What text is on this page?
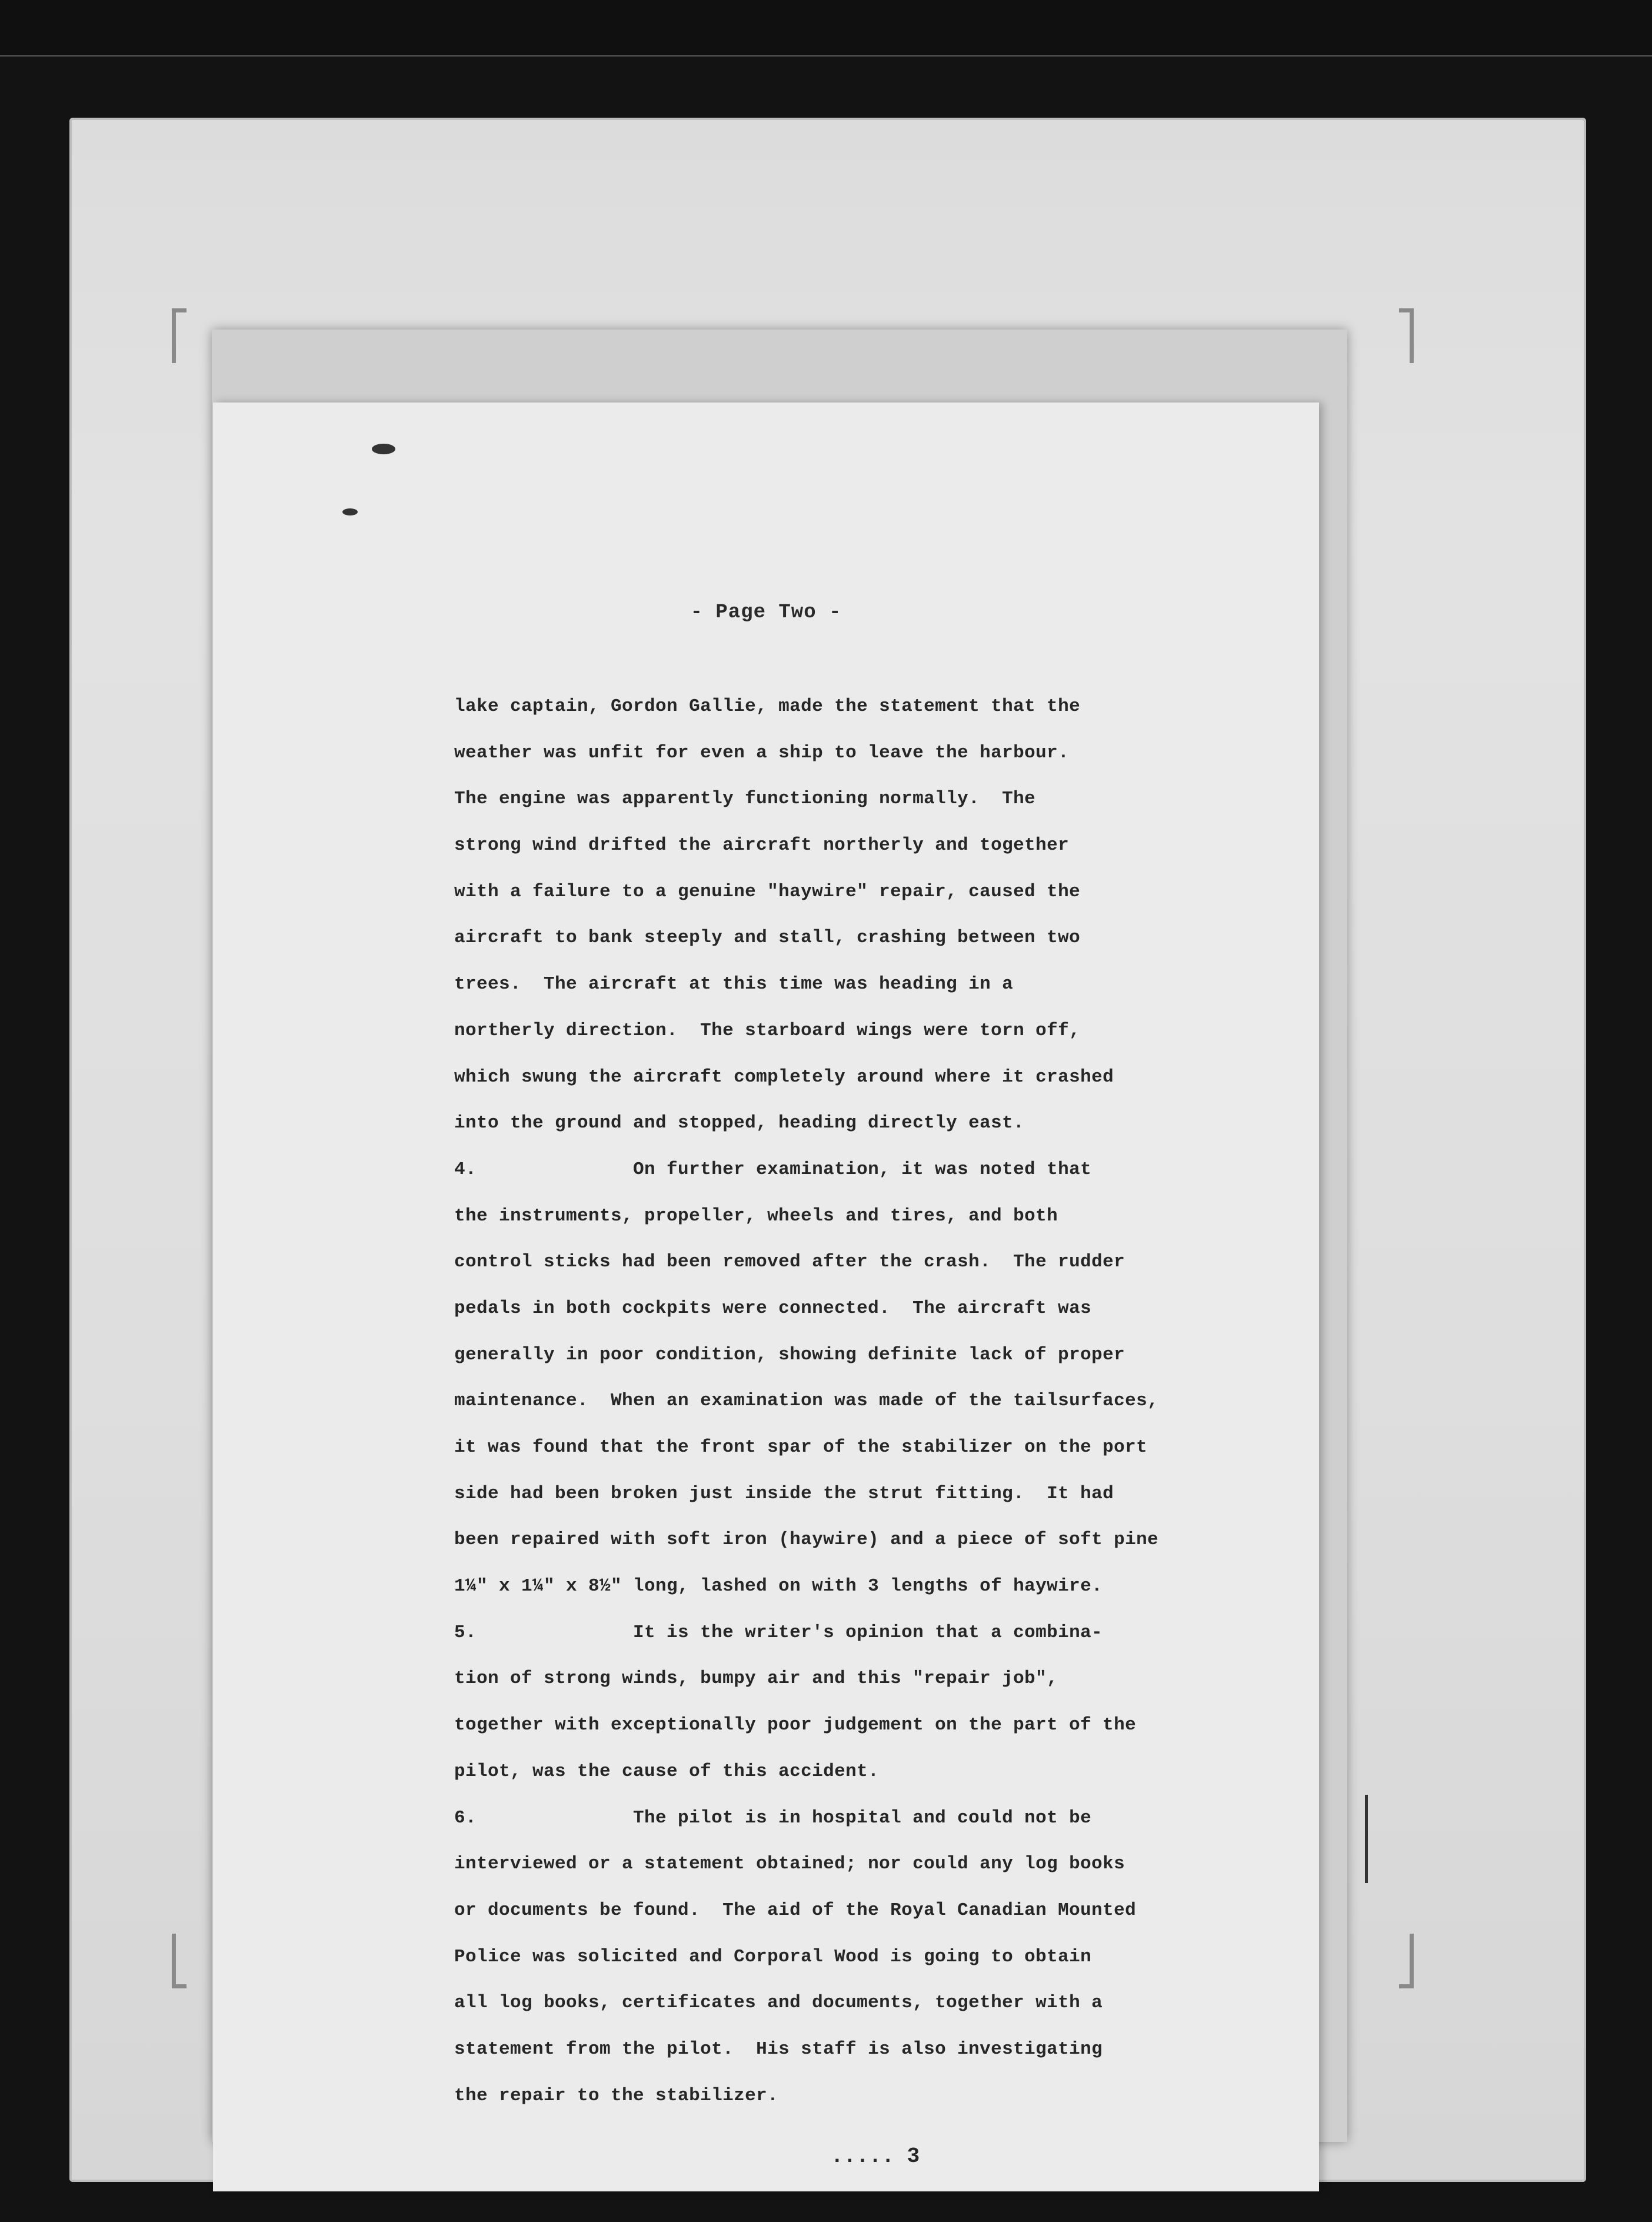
- Page Two -
lake captain, Gordon Gallie, made the statement that the
weather was unfit for even a ship to leave the harbour.
The engine was apparently functioning normally.  The
strong wind drifted the aircraft northerly and together
with a failure to a genuine "haywire" repair, caused the
aircraft to bank steeply and stall, crashing between two
trees.  The aircraft at this time was heading in a
northerly direction.  The starboard wings were torn off,
which swung the aircraft completely around where it crashed
into the ground and stopped, heading directly east.
4.              On further examination, it was noted that
the instruments, propeller, wheels and tires, and both
control sticks had been removed after the crash.  The rudder
pedals in both cockpits were connected.  The aircraft was
generally in poor condition, showing definite lack of proper
maintenance.  When an examination was made of the tailsurfaces,
it was found that the front spar of the stabilizer on the port
side had been broken just inside the strut fitting.  It had
been repaired with soft iron (haywire) and a piece of soft pine
1¼" x 1¼" x 8½" long, lashed on with 3 lengths of haywire.
5.              It is the writer's opinion that a combina-
tion of strong winds, bumpy air and this "repair job",
together with exceptionally poor judgement on the part of the
pilot, was the cause of this accident.
6.              The pilot is in hospital and could not be
interviewed or a statement obtained; nor could any log books
or documents be found.  The aid of the Royal Canadian Mounted
Police was solicited and Corporal Wood is going to obtain
all log books, certificates and documents, together with a
statement from the pilot.  His staff is also investigating
the repair to the stabilizer.
..... 3
